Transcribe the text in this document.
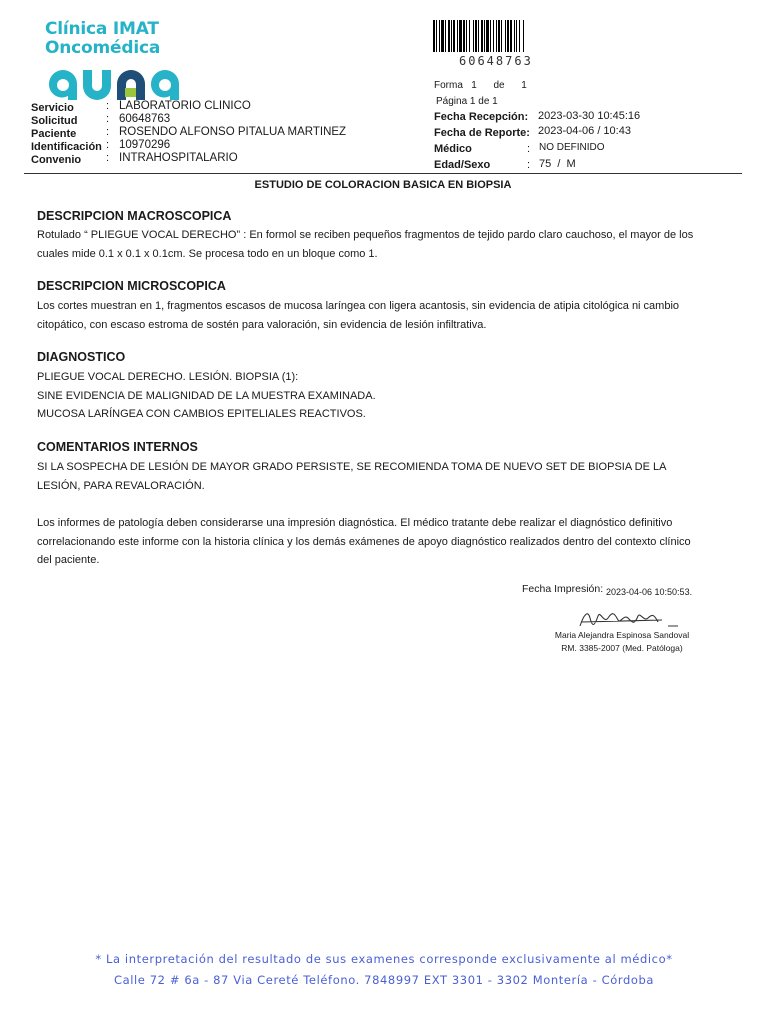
Clínica IMAT
Oncomédica
60648763
Servicio	: LABORATORIO CLINICO
Solicitud	: 60648763
Paciente	: ROSENDO ALFONSO PITALUA MARTINEZ
Identificación : 10970296
Convenio : INTRAHOSPITALARIO
Forma   1      de      1
Página 1 de 1
Fecha Recepción: 2023-03-30 10:45:16
Fecha de Reporte: 2023-04-06 / 10:43
Médico	: NO DEFINIDO
Edad/Sexo	: 75  /  M
ESTUDIO DE COLORACION BASICA EN BIOPSIA
DESCRIPCION MACROSCOPICA
Rotulado “ PLIEGUE VOCAL DERECHO” : En formol se reciben pequeños fragmentos de tejido pardo claro cauchoso, el mayor de los
cuales mide 0.1 x 0.1 x 0.1cm. Se procesa todo en un bloque como 1.
DESCRIPCION MICROSCOPICA
Los cortes muestran en 1, fragmentos escasos de mucosa laríngea con ligera acantosis, sin evidencia de atipia citológica ni cambio
citopático, con escaso estroma de sostén para valoración, sin evidencia de lesión infiltrativa.
DIAGNOSTICO
PLIEGUE VOCAL DERECHO. LESIÓN. BIOPSIA (1):
SINE EVIDENCIA DE MALIGNIDAD DE LA MUESTRA EXAMINADA.
MUCOSA LARÍNGEA CON CAMBIOS EPITELIALES REACTIVOS.
COMENTARIOS INTERNOS
SI LA SOSPECHA DE LESIÓN DE MAYOR GRADO PERSISTE, SE RECOMIENDA TOMA DE NUEVO SET DE BIOPSIA DE LA
LESIÓN, PARA REVALORACIÓN.
Los informes de patología deben considerarse una impresión diagnóstica. El médico tratante debe realizar el diagnóstico definitivo
correlacionando este informe con la historia clínica y los demás exámenes de apoyo diagnóstico realizados dentro del contexto clínico
del paciente.
Fecha Impresión: 2023-04-06 10:50:53.
Maria Alejandra Espinosa Sandoval
RM. 3385-2007 (Med. Patóloga)
* La interpretación del resultado de sus examenes corresponde exclusivamente al médico*
Calle 72 # 6a - 87 Via Cereté Teléfono. 7848997 EXT 3301 - 3302 Montería - Córdoba
